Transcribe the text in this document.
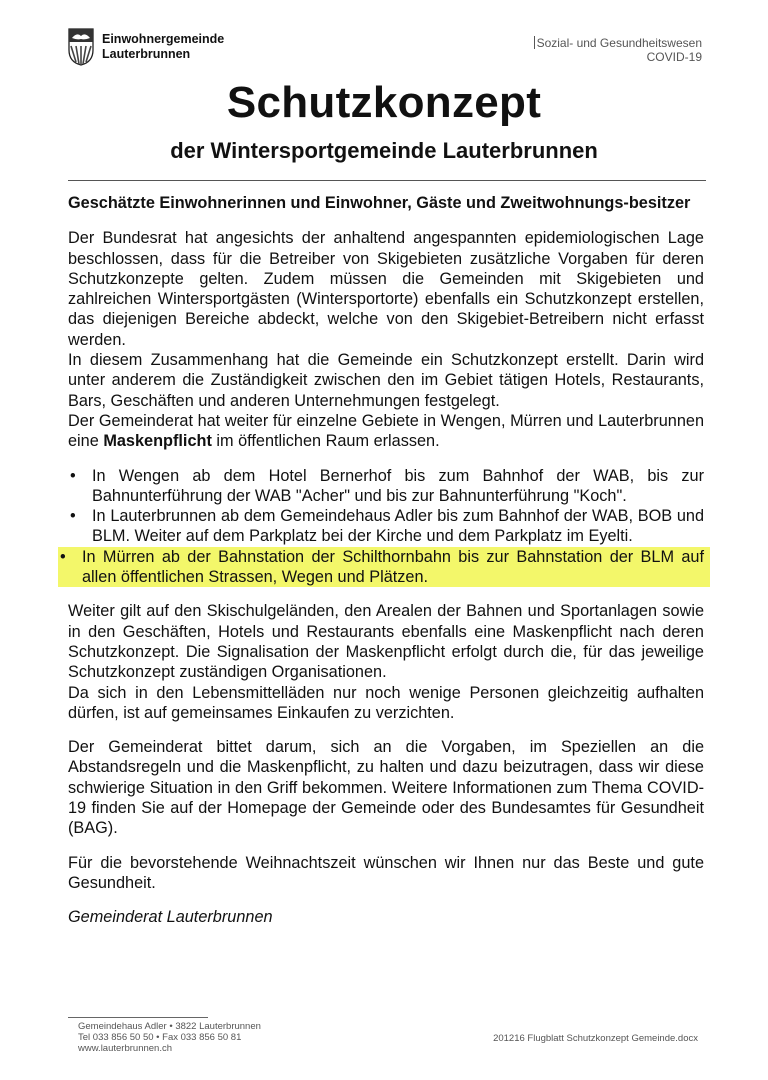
Einwohnergemeinde
Lauterbrunnen
Sozial- und Gesundheitswesen
COVID-19
Schutzkonzept
der Wintersportgemeinde Lauterbrunnen

Geschätzte Einwohnerinnen und Einwohner, Gäste und Zweitwohnungs-besitzer

Der Bundesrat hat angesichts der anhaltend angespannten epidemiologischen Lage beschlossen, dass für die Betreiber von Skigebieten zusätzliche Vorgaben für deren Schutzkonzepte gelten. Zudem müssen die Gemeinden mit Skigebieten und zahlreichen Wintersportgästen (Wintersportorte) ebenfalls ein Schutzkonzept erstellen, das diejenigen Bereiche abdeckt, welche von den Skigebiet-Betreibern nicht erfasst werden.

In diesem Zusammenhang hat die Gemeinde ein Schutzkonzept erstellt. Darin wird unter anderem die Zuständigkeit zwischen den im Gebiet tätigen Hotels, Restaurants, Bars, Geschäften und anderen Unternehmungen festgelegt.

Der Gemeinderat hat weiter für einzelne Gebiete in Wengen, Mürren und Lauterbrunnen eine Maskenpflicht im öffentlichen Raum erlassen.

• In Wengen ab dem Hotel Bernerhof bis zum Bahnhof der WAB, bis zur Bahnunterführung der WAB "Acher" und bis zur Bahnunterführung "Koch".
• In Lauterbrunnen ab dem Gemeindehaus Adler bis zum Bahnhof der WAB, BOB und BLM. Weiter auf dem Parkplatz bei der Kirche und dem Parkplatz im Eyelti.
• In Mürren ab der Bahnstation der Schilthornbahn bis zur Bahnstation der BLM auf allen öffentlichen Strassen, Wegen und Plätzen.

Weiter gilt auf den Skischulgeländen, den Arealen der Bahnen und Sportanlagen sowie in den Geschäften, Hotels und Restaurants ebenfalls eine Maskenpflicht nach deren Schutzkonzept. Die Signalisation der Maskenpflicht erfolgt durch die, für das jeweilige Schutzkonzept zuständigen Organisationen.

Da sich in den Lebensmittelläden nur noch wenige Personen gleichzeitig aufhalten dürfen, ist auf gemeinsames Einkaufen zu verzichten.

Der Gemeinderat bittet darum, sich an die Vorgaben, im Speziellen an die Abstandsregeln und die Maskenpflicht, zu halten und dazu beizutragen, dass wir diese schwierige Situation in den Griff bekommen. Weitere Informationen zum Thema COVID-19 finden Sie auf der Homepage der Gemeinde oder des Bundesamtes für Gesundheit (BAG).

Für die bevorstehende Weihnachtszeit wünschen wir Ihnen nur das Beste und gute Gesundheit.

Gemeinderat Lauterbrunnen

Gemeindehaus Adler • 3822 Lauterbrunnen
Tel 033 856 50 50 • Fax 033 856 50 81
www.lauterbrunnen.ch
201216 Flugblatt Schutzkonzept Gemeinde.docx
